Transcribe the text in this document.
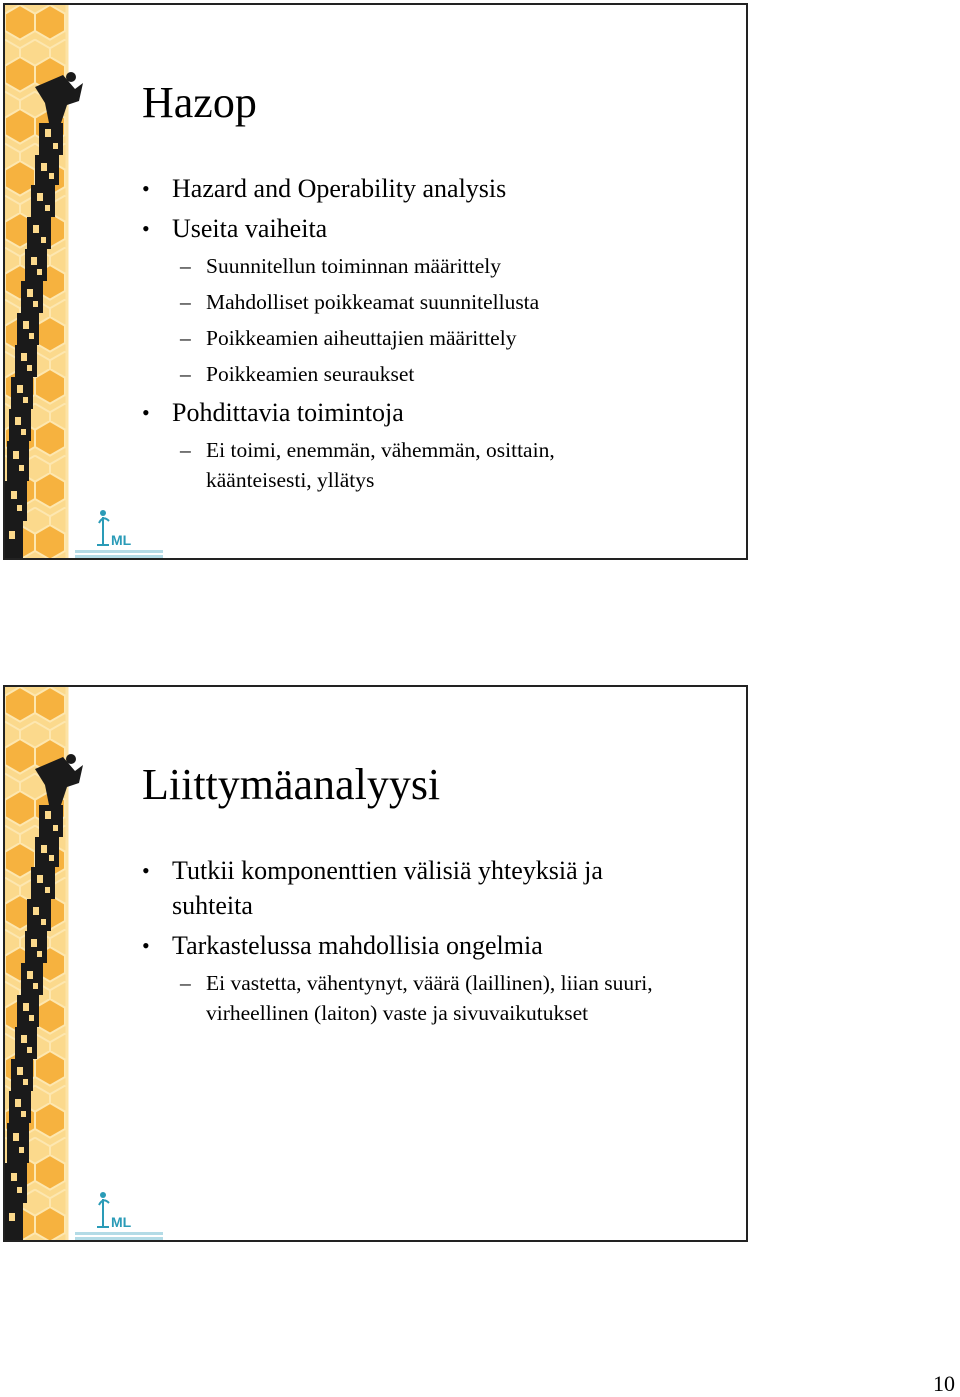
ML
Hazop
• Hazard and Operability analysis
• Useita vaiheita
– Suunnitellun toiminnan määrittely
– Mahdolliset poikkeamat suunnitellusta
– Poikkeamien aiheuttajien määrittely
– Poikkeamien seuraukset
• Pohdittavia toimintoja
– Ei toimi, enemmän, vähemmän, osittain, käänteisesti, yllätys
ML
Liittymäanalyysi
• Tutkii komponenttien välisiä yhteyksiä ja suhteita
• Tarkastelussa mahdollisia ongelmia
– Ei vastetta, vähentynyt, väärä (laillinen), liian suuri, virheellinen (laiton) vaste ja sivuvaikutukset
10
